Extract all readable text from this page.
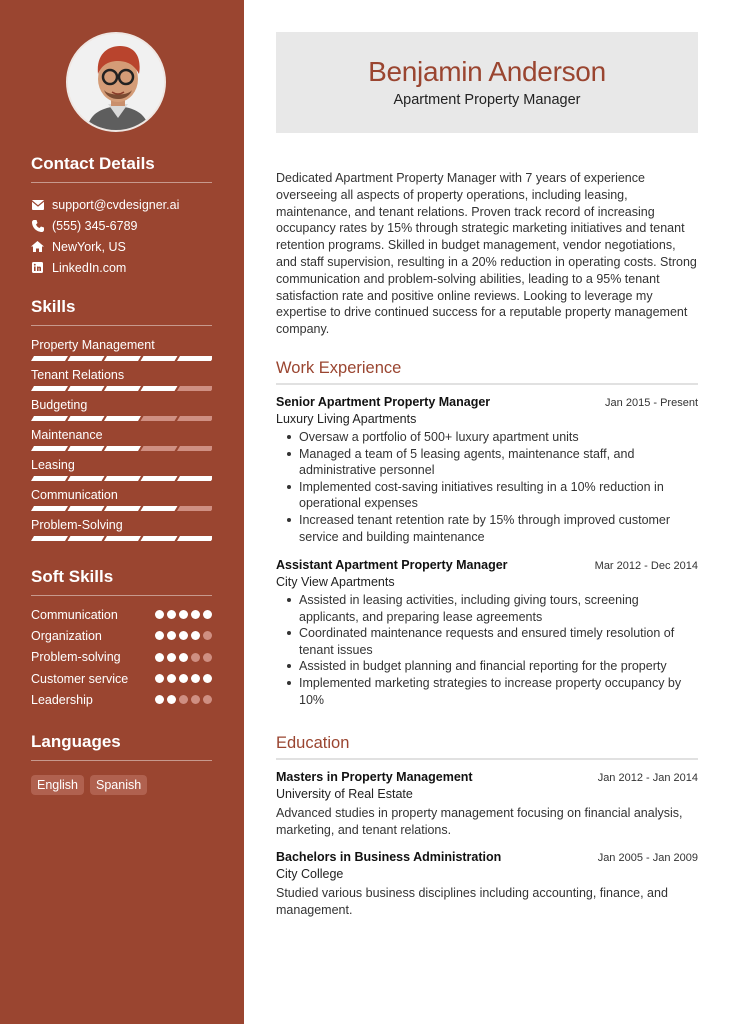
Contact Details
support@cvdesigner.ai
(555) 345-6789
NewYork, US
LinkedIn.com
Skills
Property Management
Tenant Relations
Budgeting
Maintenance
Leasing
Communication
Problem-Solving
Soft Skills
Communication
Organization
Problem-solving
Customer service
Leadership
Languages
English	Spanish
Benjamin Anderson
Apartment Property Manager
Dedicated Apartment Property Manager with 7 years of experience overseeing all aspects of property operations, including leasing, maintenance, and tenant relations. Proven track record of increasing occupancy rates by 15% through strategic marketing initiatives and tenant retention programs. Skilled in budget management, vendor negotiations, and staff supervision, resulting in a 20% reduction in operating costs. Strong communication and problem-solving abilities, leading to a 95% tenant satisfaction rate and positive online reviews. Looking to leverage my expertise to drive continued success for a reputable property management company.
Work Experience
Senior Apartment Property Manager	Jan 2015 - Present
Luxury Living Apartments
Oversaw a portfolio of 500+ luxury apartment units
Managed a team of 5 leasing agents, maintenance staff, and administrative personnel
Implemented cost-saving initiatives resulting in a 10% reduction in operational expenses
Increased tenant retention rate by 15% through improved customer service and building maintenance
Assistant Apartment Property Manager	Mar 2012 - Dec 2014
City View Apartments
Assisted in leasing activities, including giving tours, screening applicants, and preparing lease agreements
Coordinated maintenance requests and ensured timely resolution of tenant issues
Assisted in budget planning and financial reporting for the property
Implemented marketing strategies to increase property occupancy by 10%
Education
Masters in Property Management	Jan 2012 - Jan 2014
University of Real Estate
Advanced studies in property management focusing on financial analysis, marketing, and tenant relations.
Bachelors in Business Administration	Jan 2005 - Jan 2009
City College
Studied various business disciplines including accounting, finance, and management.
